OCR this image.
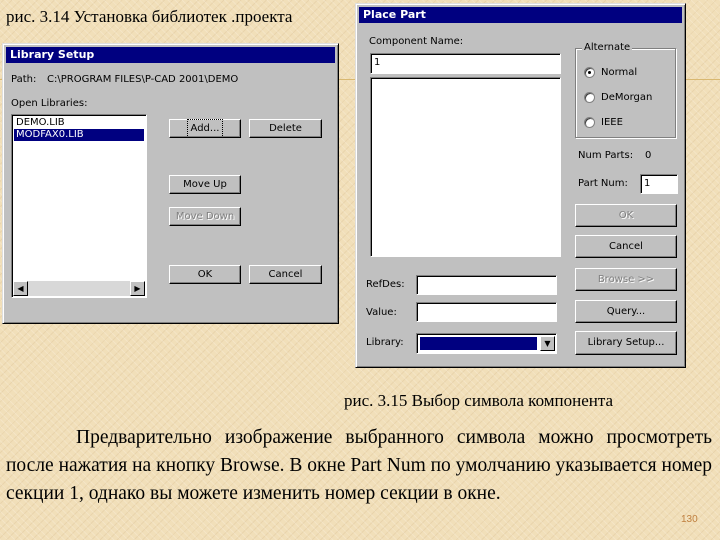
рис. 3.14 Установка библиотек .проекта
Library Setup
Path: C:\PROGRAM FILES\P-CAD 2001\DEMO
Open Libraries:
DEMO.LIB
MODFAX0.LIB
◀	▶
Add...	Delete
Move Up
Move Down
OK	Cancel
Place Part
Component Name:
1
Alternate
Normal
DeMorgan
IEEE
Num Parts: 0
Part Num:	1
OK
Cancel
Browse >>
Query...
Library Setup...
RefDes:
Value:
Library:	▼
рис. 3.15 Выбор символа компонента
Предварительно изображение выбранного символа можно просмотреть после нажатия на кнопку Browse. В окне Part Num по умолчанию указывается номер секции 1, однако вы можете изменить номер секции в окне.
130
